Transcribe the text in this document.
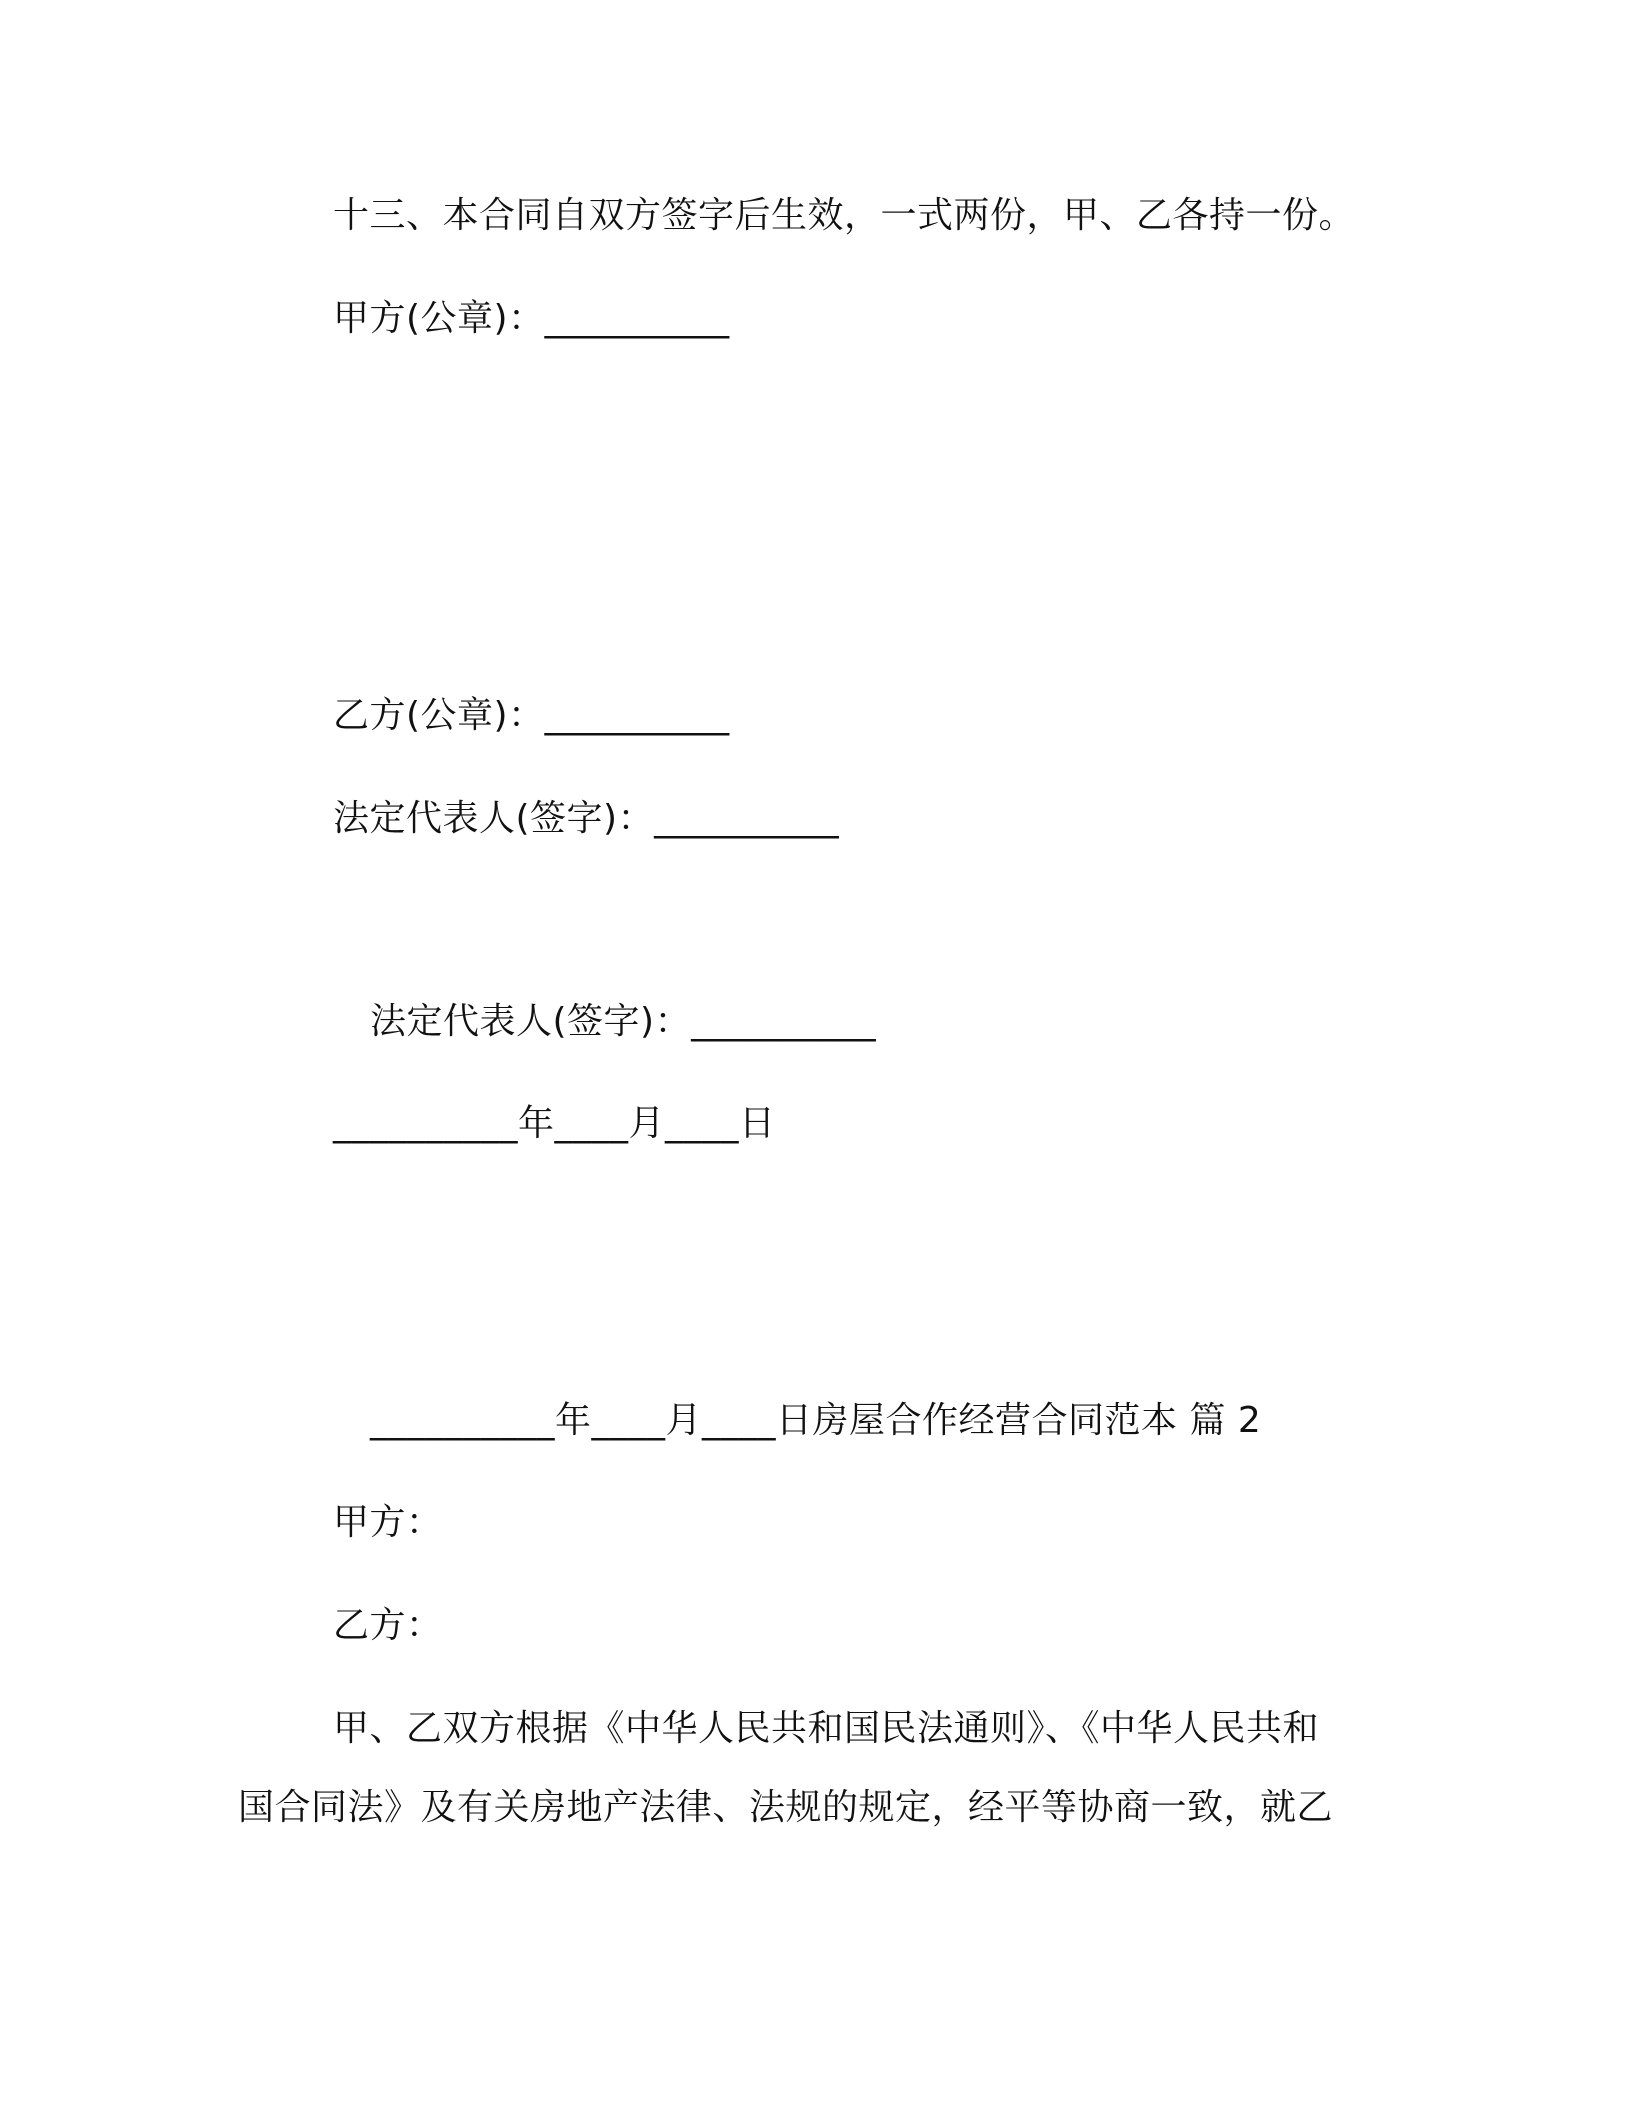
十三、本合同自双方签字后生效，一式两份，甲、乙各持一份。
甲方(公章)：__________
乙方(公章)：__________
法定代表人(签字)：__________
法定代表人(签字)：__________
__________年____月____日
__________年____月____日房屋合作经营合同范本 篇 2
甲方：
乙方：
甲、乙双方根据《中华人民共和国民法通则》、《中华人民共和
国合同法》及有关房地产法律、法规的规定，经平等协商一致，就乙
